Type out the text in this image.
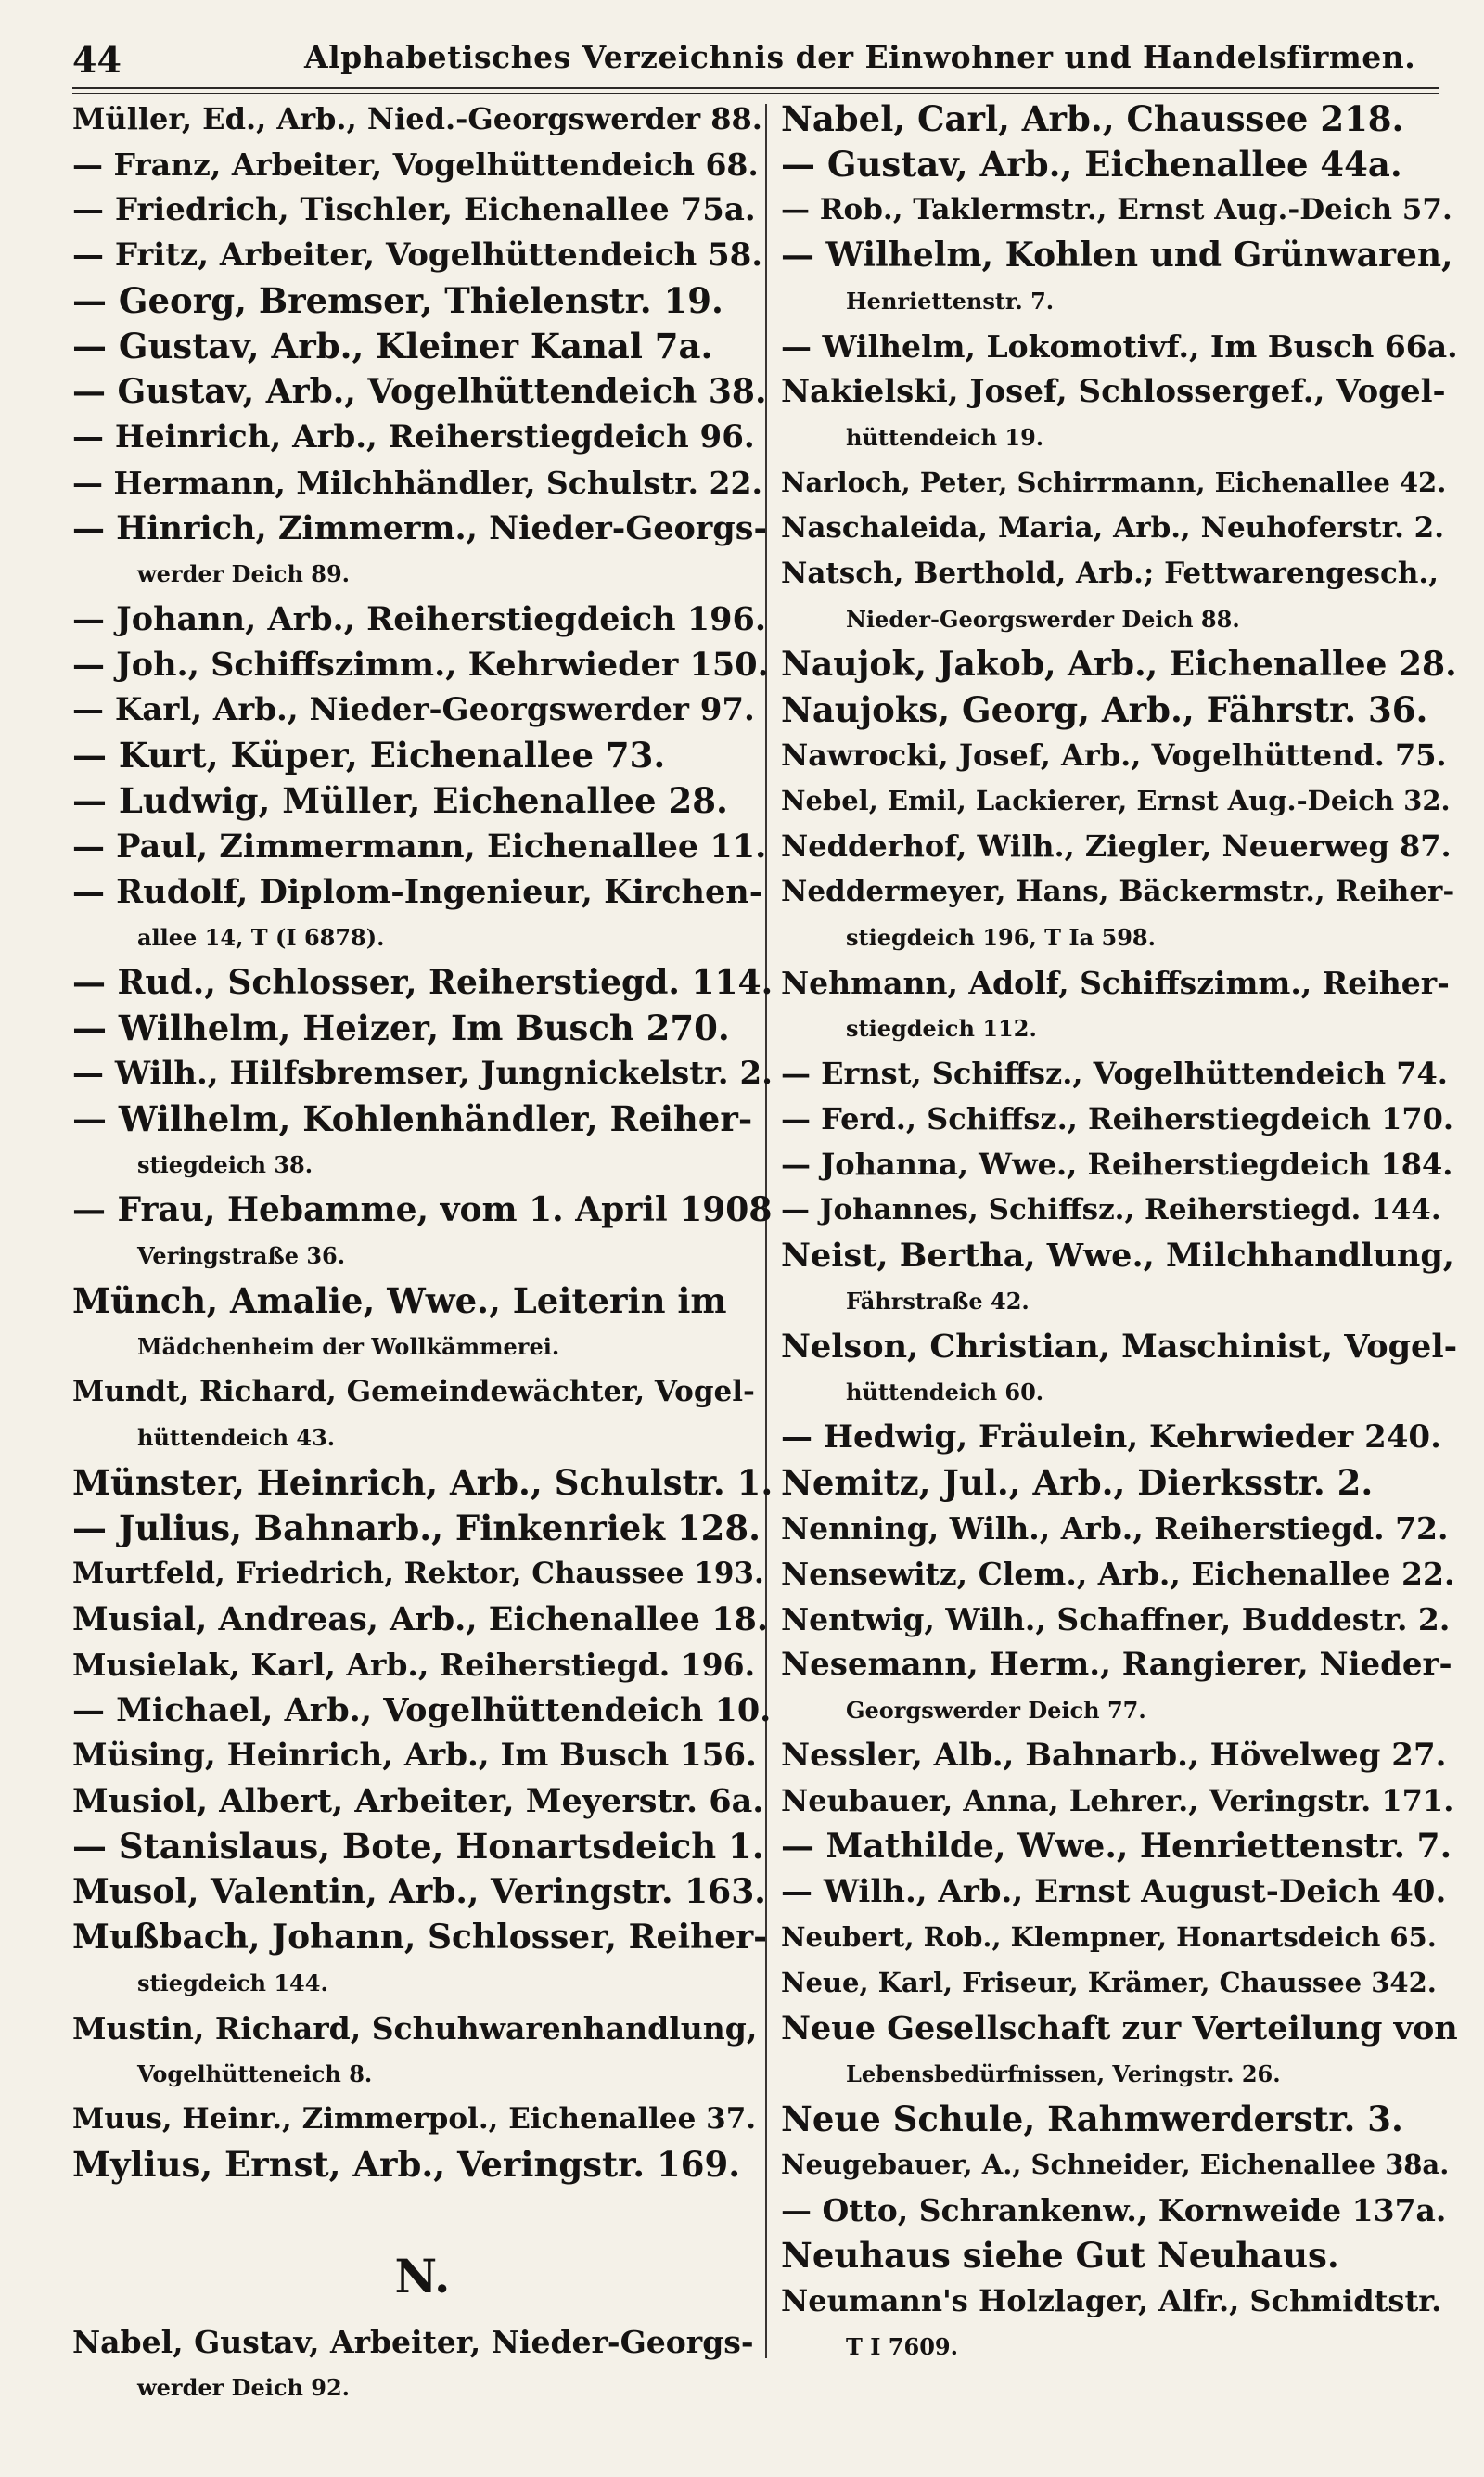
44	Alphabetisches Verzeichnis der Einwohner und Handelsfirmen.
Müller, Ed., Arb., Nied.-Georgswerder 88.
— Franz, Arbeiter, Vogelhüttendeich 68.
— Friedrich, Tischler, Eichenallee 75a.
— Fritz, Arbeiter, Vogelhüttendeich 58.
— Georg, Bremser, Thielenstr. 19.
— Gustav, Arb., Kleiner Kanal 7a.
— Gustav, Arb., Vogelhüttendeich 38.
— Heinrich, Arb., Reiherstiegdeich 96.
— Hermann, Milchhändler, Schulstr. 22.
— Hinrich, Zimmerm., Nieder-Georgs-
werder Deich 89.
— Johann, Arb., Reiherstiegdeich 196.
— Joh., Schiffszimm., Kehrwieder 150.
— Karl, Arb., Nieder-Georgswerder 97.
— Kurt, Küper, Eichenallee 73.
— Ludwig, Müller, Eichenallee 28.
— Paul, Zimmermann, Eichenallee 11.
— Rudolf, Diplom-Ingenieur, Kirchen-
allee 14, T (I 6878).
— Rud., Schlosser, Reiherstiegd. 114.
— Wilhelm, Heizer, Im Busch 270.
— Wilh., Hilfsbremser, Jungnickelstr. 2.
— Wilhelm, Kohlenhändler, Reiher-
stiegdeich 38.
— Frau, Hebamme, vom 1. April 1908
Veringstraße 36.
Münch, Amalie, Wwe., Leiterin im
Mädchenheim der Wollkämmerei.
Mundt, Richard, Gemeindewächter, Vogel-
hüttendeich 43.
Münster, Heinrich, Arb., Schulstr. 1.
— Julius, Bahnarb., Finkenriek 128.
Murtfeld, Friedrich, Rektor, Chaussee 193.
Musial, Andreas, Arb., Eichenallee 18.
Musielak, Karl, Arb., Reiherstiegd. 196.
— Michael, Arb., Vogelhüttendeich 10.
Müsing, Heinrich, Arb., Im Busch 156.
Musiol, Albert, Arbeiter, Meyerstr. 6a.
— Stanislaus, Bote, Honartsdeich 1.
Musol, Valentin, Arb., Veringstr. 163.
Mußbach, Johann, Schlosser, Reiher-
stiegdeich 144.
Mustin, Richard, Schuhwarenhandlung,
Vogelhütteneich 8.
Muus, Heinr., Zimmerpol., Eichenallee 37.
Mylius, Ernst, Arb., Veringstr. 169.
N.
Nabel, Gustav, Arbeiter, Nieder-Georgs-
werder Deich 92.
Nabel, Carl, Arb., Chaussee 218.
— Gustav, Arb., Eichenallee 44a.
— Rob., Taklermstr., Ernst Aug.-Deich 57.
— Wilhelm, Kohlen und Grünwaren,
Henriettenstr. 7.
— Wilhelm, Lokomotivf., Im Busch 66a.
Nakielski, Josef, Schlossergef., Vogel-
hüttendeich 19.
Narloch, Peter, Schirrmann, Eichenallee 42.
Naschaleida, Maria, Arb., Neuhoferstr. 2.
Natsch, Berthold, Arb.; Fettwarengesch.,
Nieder-Georgswerder Deich 88.
Naujok, Jakob, Arb., Eichenallee 28.
Naujoks, Georg, Arb., Fährstr. 36.
Nawrocki, Josef, Arb., Vogelhüttend. 75.
Nebel, Emil, Lackierer, Ernst Aug.-Deich 32.
Nedderhof, Wilh., Ziegler, Neuerweg 87.
Neddermeyer, Hans, Bäckermstr., Reiher-
stiegdeich 196, T Ia 598.
Nehmann, Adolf, Schiffszimm., Reiher-
stiegdeich 112.
— Ernst, Schiffsz., Vogelhüttendeich 74.
— Ferd., Schiffsz., Reiherstiegdeich 170.
— Johanna, Wwe., Reiherstiegdeich 184.
— Johannes, Schiffsz., Reiherstiegd. 144.
Neist, Bertha, Wwe., Milchhandlung,
Fährstraße 42.
Nelson, Christian, Maschinist, Vogel-
hüttendeich 60.
— Hedwig, Fräulein, Kehrwieder 240.
Nemitz, Jul., Arb., Dierksstr. 2.
Nenning, Wilh., Arb., Reiherstiegd. 72.
Nensewitz, Clem., Arb., Eichenallee 22.
Nentwig, Wilh., Schaffner, Buddestr. 2.
Nesemann, Herm., Rangierer, Nieder-
Georgswerder Deich 77.
Nessler, Alb., Bahnarb., Hövelweg 27.
Neubauer, Anna, Lehrer., Veringstr. 171.
— Mathilde, Wwe., Henriettenstr. 7.
— Wilh., Arb., Ernst August-Deich 40.
Neubert, Rob., Klempner, Honartsdeich 65.
Neue, Karl, Friseur, Krämer, Chaussee 342.
Neue Gesellschaft zur Verteilung von
Lebensbedürfnissen, Veringstr. 26.
Neue Schule, Rahmwerderstr. 3.
Neugebauer, A., Schneider, Eichenallee 38a.
— Otto, Schrankenw., Kornweide 137a.
Neuhaus siehe Gut Neuhaus.
Neumann's Holzlager, Alfr., Schmidtstr.
T I 7609.
